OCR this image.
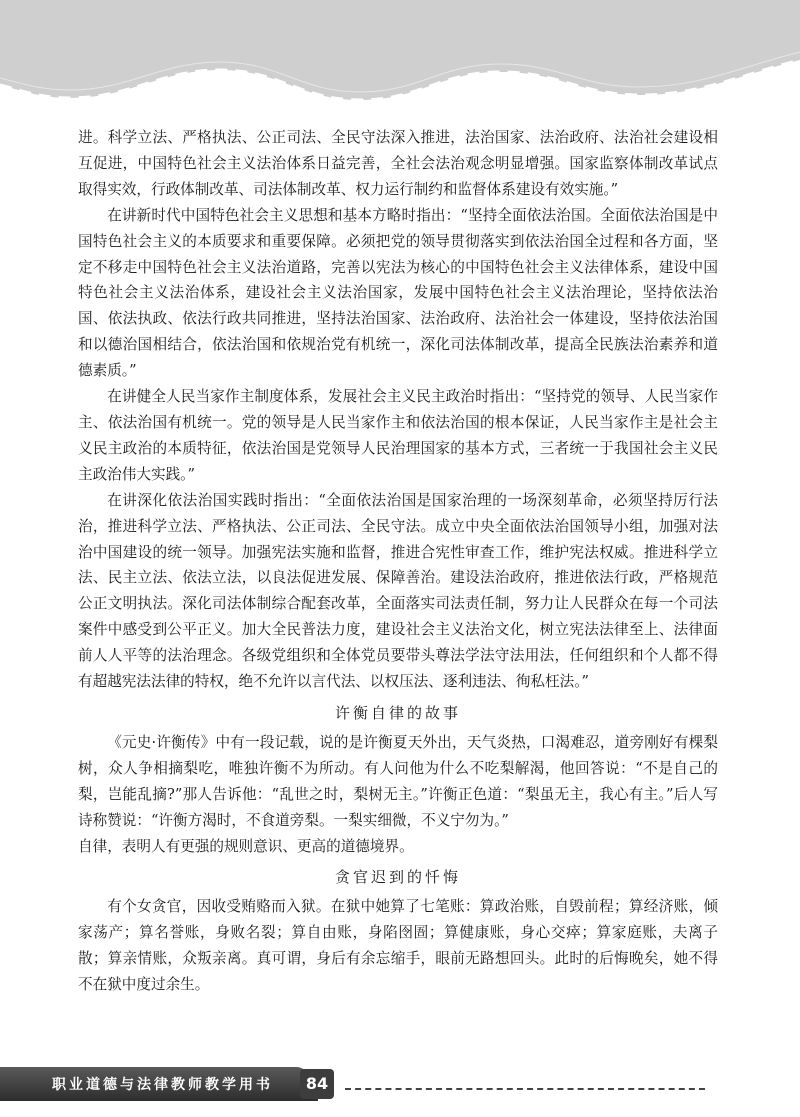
进。科学立法、严格执法、公正司法、全民守法深入推进，法治国家、法治政府、法治社会建设相互促进，中国特色社会主义法治体系日益完善，全社会法治观念明显增强。国家监察体制改革试点取得实效，行政体制改革、司法体制改革、权力运行制约和监督体系建设有效实施。”

在讲新时代中国特色社会主义思想和基本方略时指出：“坚持全面依法治国。全面依法治国是中国特色社会主义的本质要求和重要保障。必须把党的领导贯彻落实到依法治国全过程和各方面，坚定不移走中国特色社会主义法治道路，完善以宪法为核心的中国特色社会主义法律体系，建设中国特色社会主义法治体系，建设社会主义法治国家，发展中国特色社会主义法治理论，坚持依法治国、依法执政、依法行政共同推进，坚持法治国家、法治政府、法治社会一体建设，坚持依法治国和以德治国相结合，依法治国和依规治党有机统一，深化司法体制改革，提高全民族法治素养和道德素质。”

在讲健全人民当家作主制度体系，发展社会主义民主政治时指出：“坚持党的领导、人民当家作主、依法治国有机统一。党的领导是人民当家作主和依法治国的根本保证，人民当家作主是社会主义民主政治的本质特征，依法治国是党领导人民治理国家的基本方式，三者统一于我国社会主义民主政治伟大实践。”

在讲深化依法治国实践时指出：“全面依法治国是国家治理的一场深刻革命，必须坚持厉行法治，推进科学立法、严格执法、公正司法、全民守法。成立中央全面依法治国领导小组，加强对法治中国建设的统一领导。加强宪法实施和监督，推进合宪性审查工作，维护宪法权威。推进科学立法、民主立法、依法立法，以良法促进发展、保障善治。建设法治政府，推进依法行政，严格规范公正文明执法。深化司法体制综合配套改革，全面落实司法责任制，努力让人民群众在每一个司法案件中感受到公平正义。加大全民普法力度，建设社会主义法治文化，树立宪法法律至上、法律面前人人平等的法治理念。各级党组织和全体党员要带头尊法学法守法用法，任何组织和个人都不得有超越宪法法律的特权，绝不允许以言代法、以权压法、逐利违法、徇私枉法。”

许衡自律的故事

《元史·许衡传》中有一段记载，说的是许衡夏天外出，天气炎热，口渴难忍，道旁刚好有棵梨树，众人争相摘梨吃，唯独许衡不为所动。有人问他为什么不吃梨解渴，他回答说：“不是自己的梨，岂能乱摘?”那人告诉他：“乱世之时，梨树无主。”许衡正色道：“梨虽无主，我心有主。”后人写诗称赞说：“许衡方渴时，不食道旁梨。一梨实细微，不义宁勿为。”

自律，表明人有更强的规则意识、更高的道德境界。

贪官迟到的忏悔

有个女贪官，因收受贿赂而入狱。在狱中她算了七笔账：算政治账，自毁前程；算经济账，倾家荡产；算名誉账，身败名裂；算自由账，身陷囹圄；算健康账，身心交瘁；算家庭账，夫离子散；算亲情账，众叛亲离。真可谓，身后有余忘缩手，眼前无路想回头。此时的后悔晚矣，她不得不在狱中度过余生。

职业道德与法律教师教学用书	84
